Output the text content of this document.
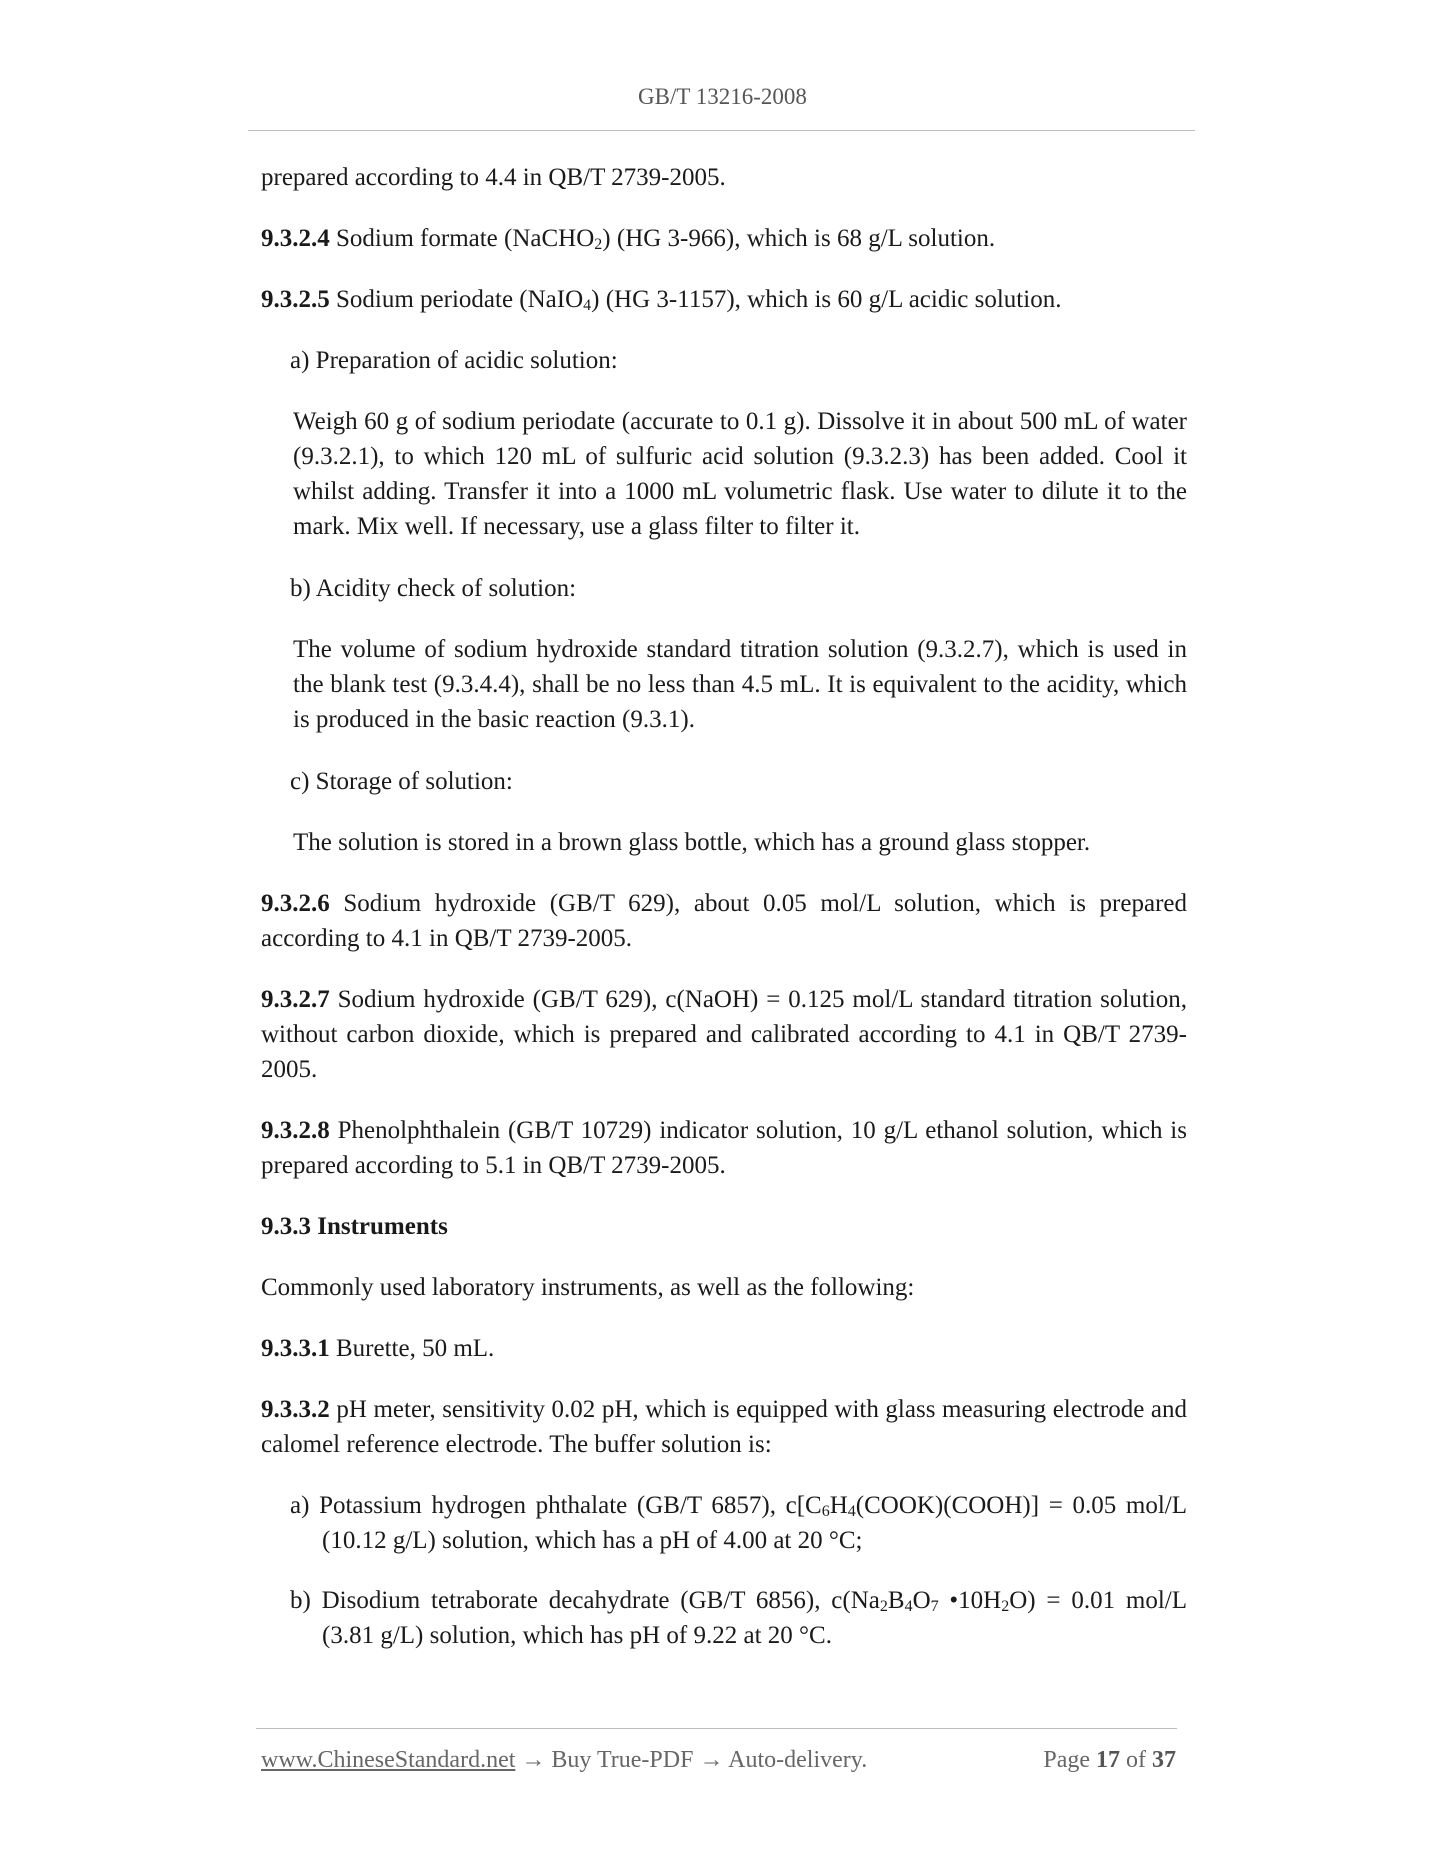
GB/T 13216-2008

prepared according to 4.4 in QB/T 2739-2005.

9.3.2.4 Sodium formate (NaCHO2) (HG 3-966), which is 68 g/L solution.

9.3.2.5 Sodium periodate (NaIO4) (HG 3-1157), which is 60 g/L acidic solution.

a) Preparation of acidic solution:

Weigh 60 g of sodium periodate (accurate to 0.1 g). Dissolve it in about 500 mL of water (9.3.2.1), to which 120 mL of sulfuric acid solution (9.3.2.3) has been added. Cool it whilst adding. Transfer it into a 1000 mL volumetric flask. Use water to dilute it to the mark. Mix well. If necessary, use a glass filter to filter it.

b) Acidity check of solution:

The volume of sodium hydroxide standard titration solution (9.3.2.7), which is used in the blank test (9.3.4.4), shall be no less than 4.5 mL. It is equivalent to the acidity, which is produced in the basic reaction (9.3.1).

c) Storage of solution:

The solution is stored in a brown glass bottle, which has a ground glass stopper.

9.3.2.6 Sodium hydroxide (GB/T 629), about 0.05 mol/L solution, which is prepared according to 4.1 in QB/T 2739-2005.

9.3.2.7 Sodium hydroxide (GB/T 629), c(NaOH) = 0.125 mol/L standard titration solution, without carbon dioxide, which is prepared and calibrated according to 4.1 in QB/T 2739-2005.

9.3.2.8 Phenolphthalein (GB/T 10729) indicator solution, 10 g/L ethanol solution, which is prepared according to 5.1 in QB/T 2739-2005.

9.3.3 Instruments

Commonly used laboratory instruments, as well as the following:

9.3.3.1 Burette, 50 mL.

9.3.3.2 pH meter, sensitivity 0.02 pH, which is equipped with glass measuring electrode and calomel reference electrode. The buffer solution is:

a) Potassium hydrogen phthalate (GB/T 6857), c[C6H4(COOK)(COOH)] = 0.05 mol/L (10.12 g/L) solution, which has a pH of 4.00 at 20 °C;

b) Disodium tetraborate decahydrate (GB/T 6856), c(Na2B4O7 •10H2O) = 0.01 mol/L (3.81 g/L) solution, which has pH of 9.22 at 20 °C.

www.ChineseStandard.net → Buy True-PDF → Auto-delivery.	Page 17 of 37
